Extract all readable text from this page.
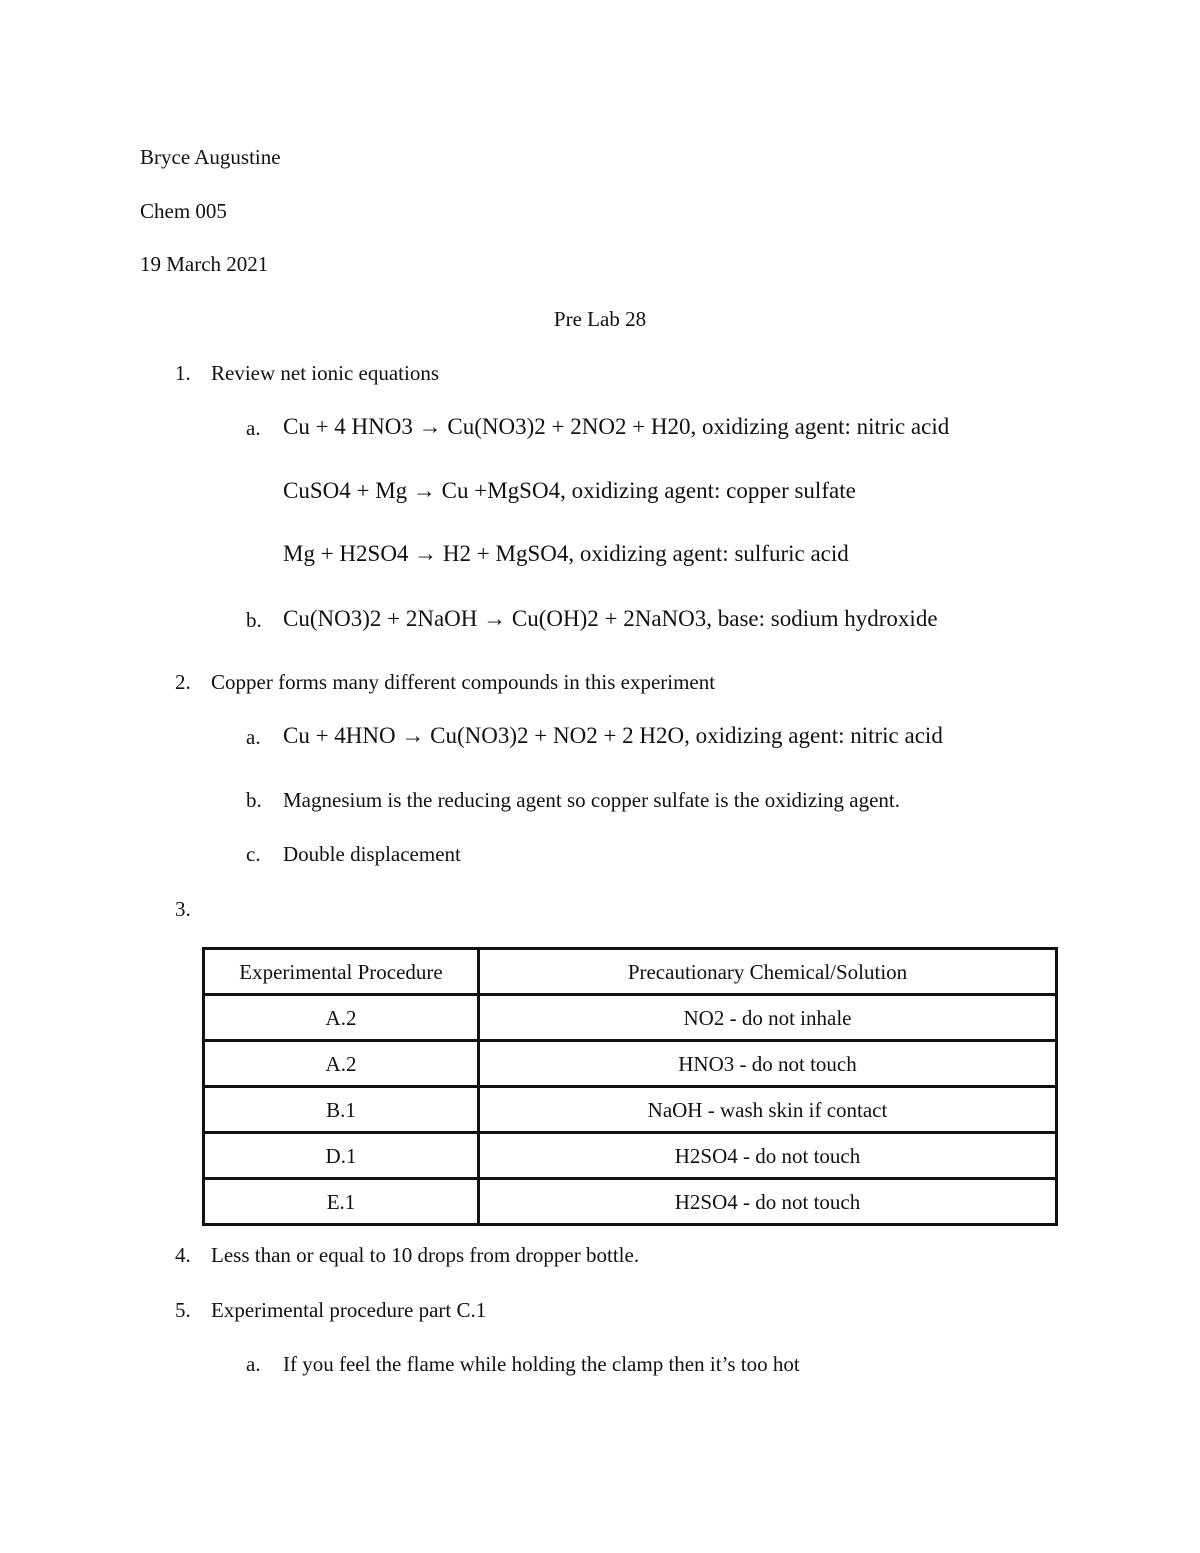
Bryce Augustine
Chem 005
19 March 2021
Pre Lab 28
1. Review net ionic equations
a. Cu + 4 HNO3 → Cu(NO3)2 + 2NO2 + H20, oxidizing agent: nitric acid
CuSO4 + Mg → Cu +MgSO4, oxidizing agent: copper sulfate
Mg + H2SO4 → H2 + MgSO4, oxidizing agent: sulfuric acid
b. Cu(NO3)2 + 2NaOH → Cu(OH)2 + 2NaNO3, base: sodium hydroxide
2. Copper forms many different compounds in this experiment
a. Cu + 4HNO → Cu(NO3)2 + NO2 + 2 H2O, oxidizing agent: nitric acid
b. Magnesium is the reducing agent so copper sulfate is the oxidizing agent.
c. Double displacement
3.
Experimental Procedure	Precautionary Chemical/Solution
A.2	NO2 - do not inhale
A.2	HNO3 - do not touch
B.1	NaOH - wash skin if contact
D.1	H2SO4 - do not touch
E.1	H2SO4 - do not touch
4. Less than or equal to 10 drops from dropper bottle.
5. Experimental procedure part C.1
a. If you feel the flame while holding the clamp then it’s too hot
